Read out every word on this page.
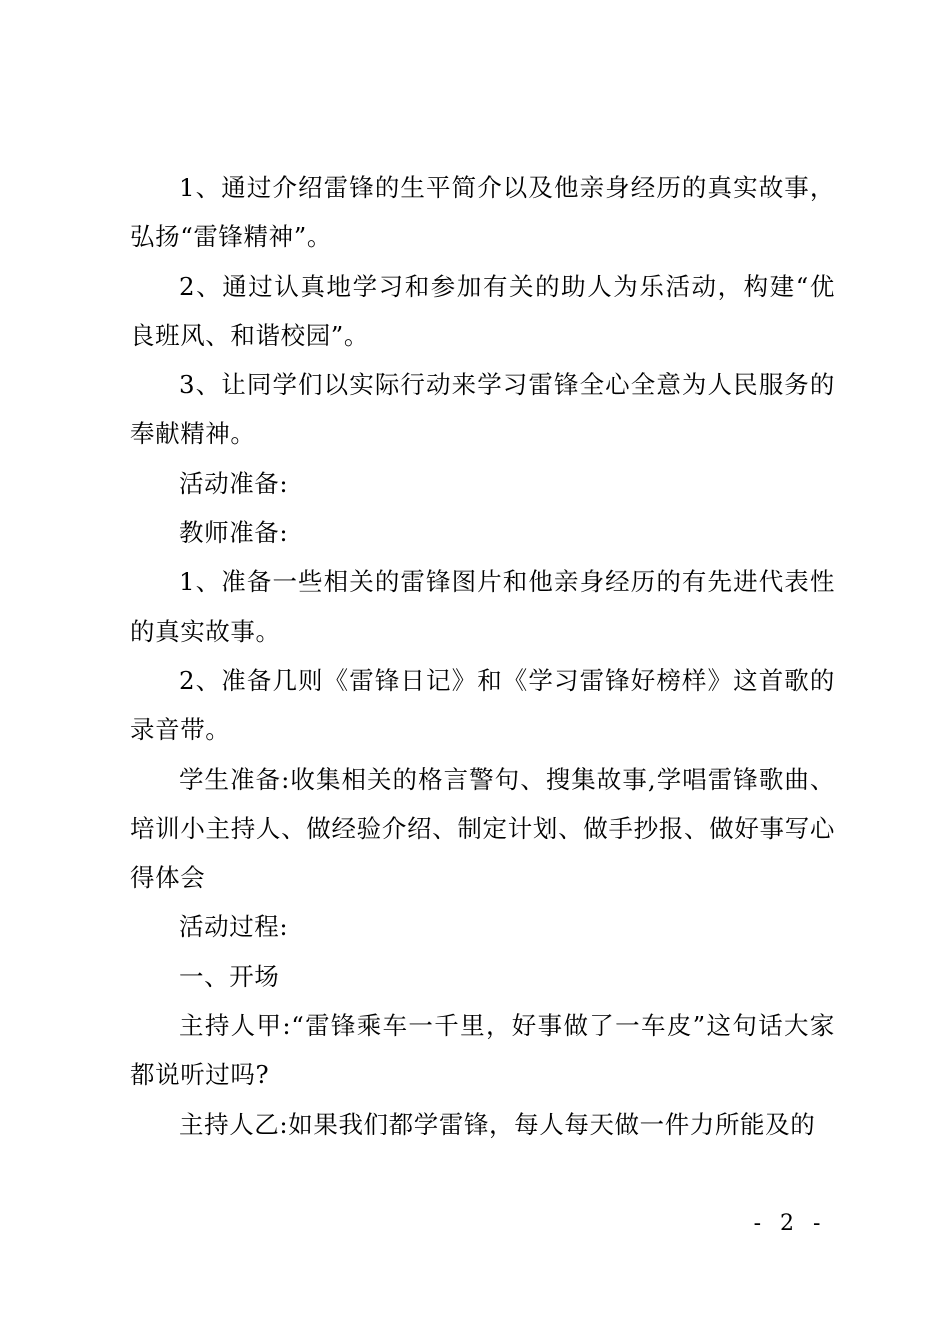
1、通过介绍雷锋的生平简介以及他亲身经历的真实故事，弘扬“雷锋精神”。

2、通过认真地学习和参加有关的助人为乐活动，构建“优良班风、和谐校园”。

3、让同学们以实际行动来学习雷锋全心全意为人民服务的奉献精神。

活动准备:

教师准备:

1、准备一些相关的雷锋图片和他亲身经历的有先进代表性的真实故事。

2、准备几则《雷锋日记》和《学习雷锋好榜样》这首歌的录音带。

学生准备:收集相关的格言警句、搜集故事,学唱雷锋歌曲、培训小主持人、做经验介绍、制定计划、做手抄报、做好事写心得体会

活动过程:

一、开场

主持人甲:“雷锋乘车一千里，好事做了一车皮”这句话大家都说听过吗?

主持人乙:如果我们都学雷锋，每人每天做一件力所能及的

- 2 -
